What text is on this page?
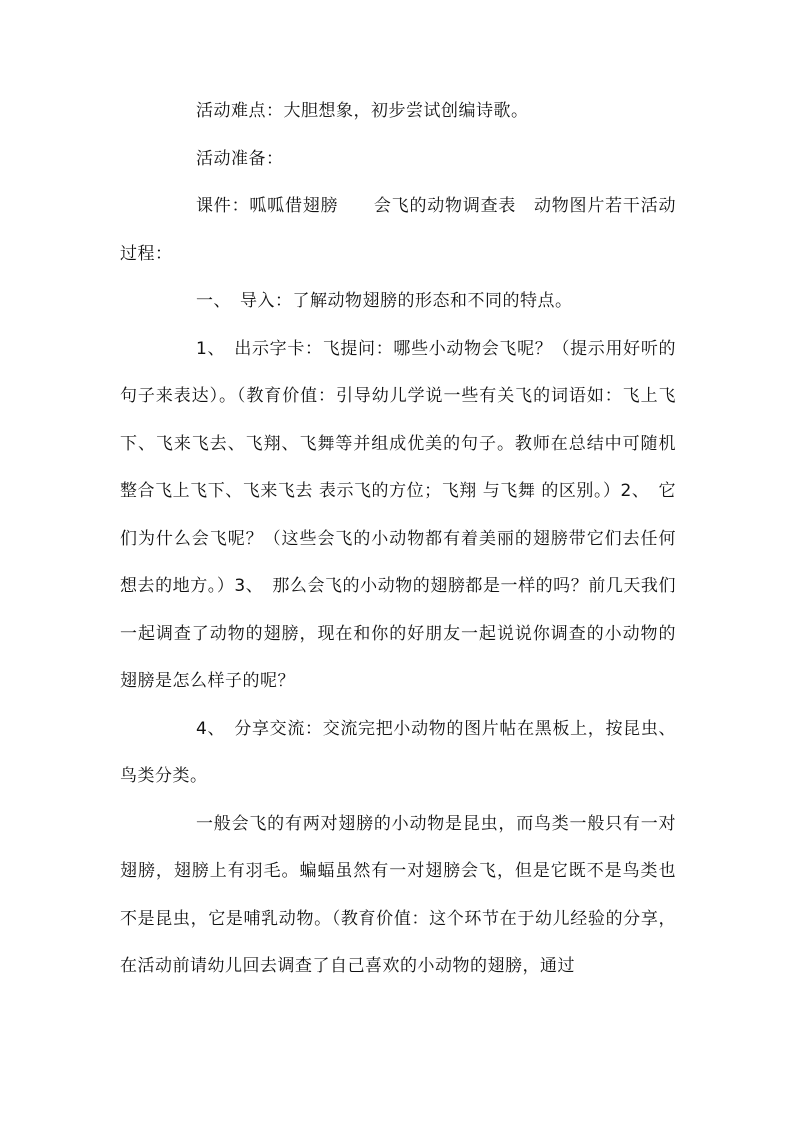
活动难点：大胆想象，初步尝试创编诗歌。

活动准备：

课件：呱呱借翅膀　　会飞的动物调查表　动物图片若干活动过程：

一、　导入：了解动物翅膀的形态和不同的特点。

1、　出示字卡：飞提问：哪些小动物会飞呢？（提示用好听的句子来表达）。（教育价值：引导幼儿学说一些有关飞的词语如：飞上飞下、飞来飞去、飞翔、飞舞等并组成优美的句子。教师在总结中可随机整合飞上飞下、飞来飞去 表示飞的方位；飞翔 与飞舞 的区别。）2、　它们为什么会飞呢？（这些会飞的小动物都有着美丽的翅膀带它们去任何想去的地方。）3、　那么会飞的小动物的翅膀都是一样的吗？前几天我们一起调查了动物的翅膀，现在和你的好朋友一起说说你调查的小动物的翅膀是怎么样子的呢？

4、　分享交流：交流完把小动物的图片帖在黑板上，按昆虫、鸟类分类。

一般会飞的有两对翅膀的小动物是昆虫，而鸟类一般只有一对翅膀，翅膀上有羽毛。蝙蝠虽然有一对翅膀会飞，但是它既不是鸟类也不是昆虫，它是哺乳动物。（教育价值：这个环节在于幼儿经验的分享，在活动前请幼儿回去调查了自己喜欢的小动物的翅膀，通过
